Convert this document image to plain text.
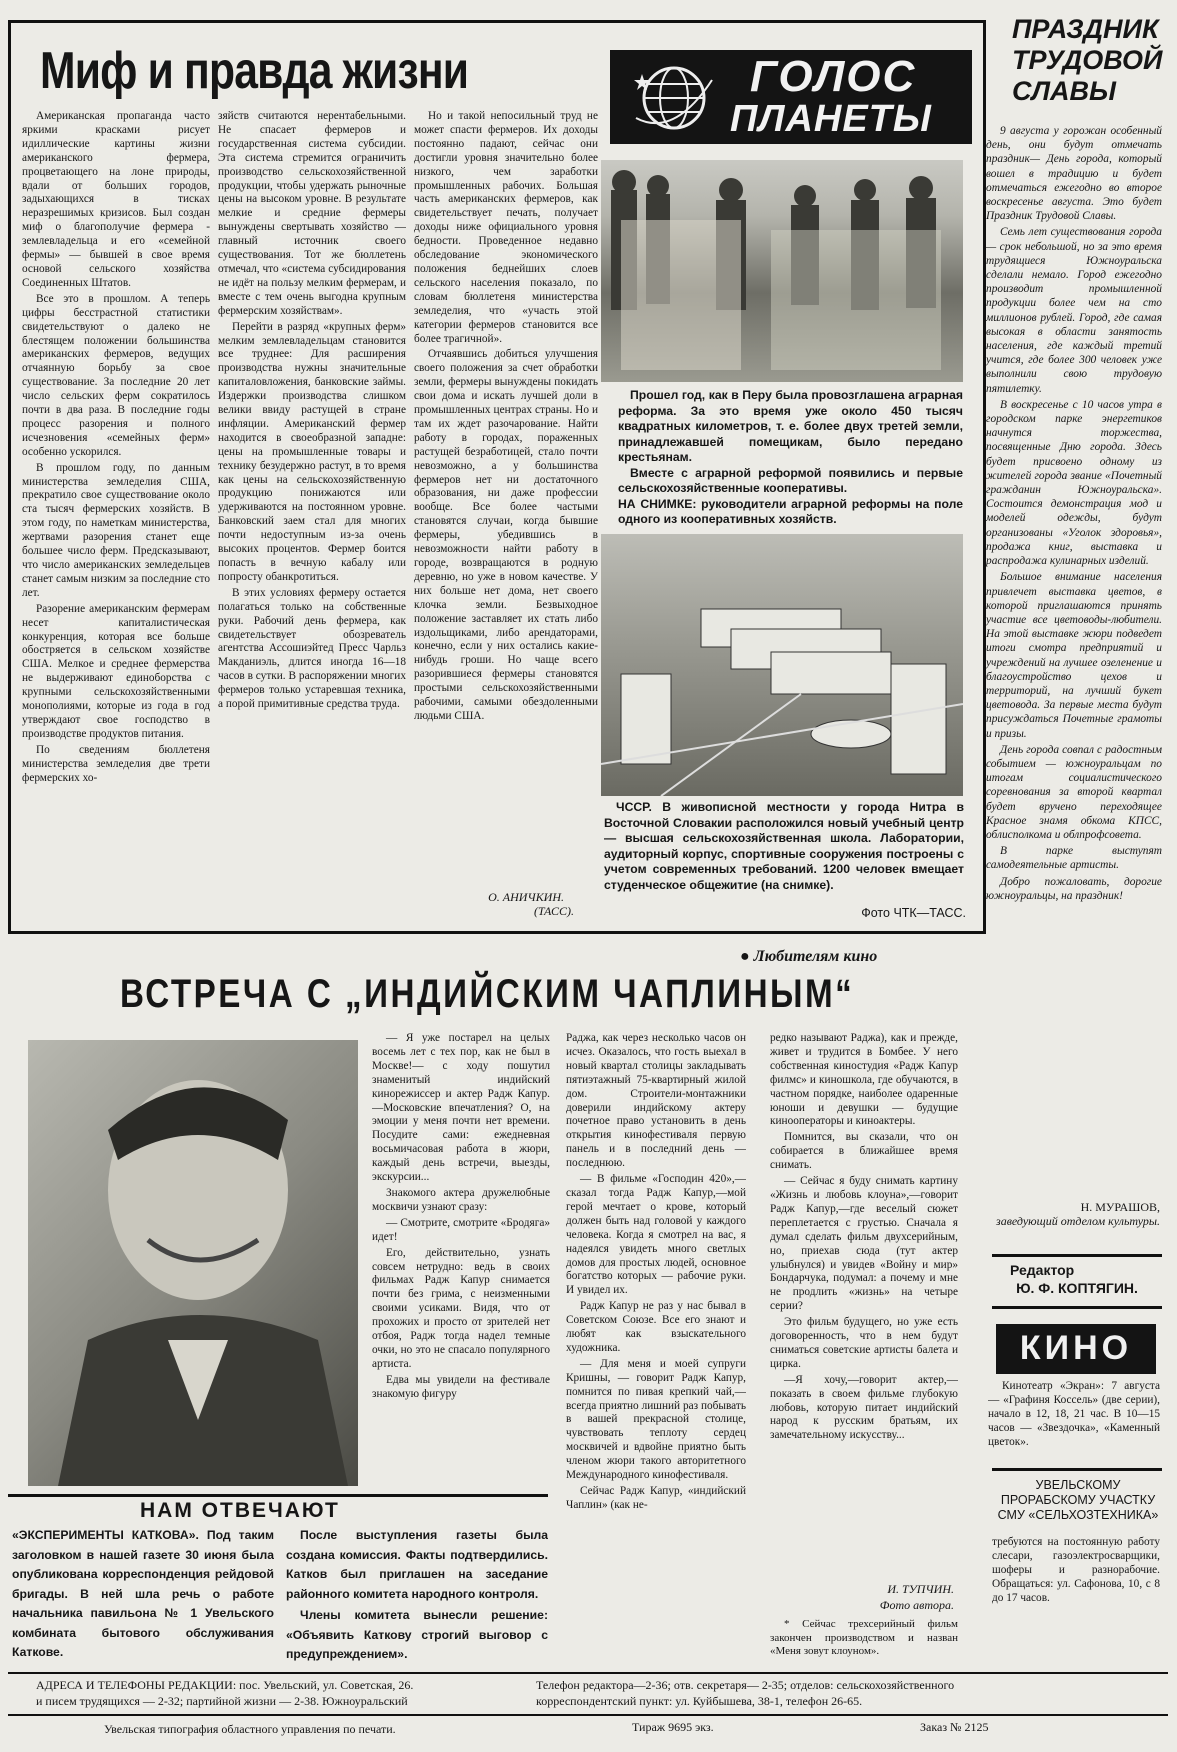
Миф и правда жизни

Американская пропаганда часто яркими красками рисует идиллические картины жизни американского фермера, процветающего на лоне природы, вдали от больших городов, задыхающихся в тисках неразрешимых кризисов. Был создан миф о благополучие фермера - землевладельца и его «семейной фермы» — бывшей в свое время основой сельского хозяйства Соединенных Штатов.

Все это в прошлом. А теперь цифры бесстрастной статистики свидетельствуют о далеко не блестящем положении большинства американских фермеров, ведущих отчаянную борьбу за свое существование. За последние 20 лет число сельских ферм сократилось почти в два раза. В последние годы процесс разорения и полного исчезновения «семейных ферм» особенно ускорился.

В прошлом году, по данным министерства земледелия США, прекратило свое существование около ста тысяч фермерских хозяйств. В этом году, по наметкам министерства, жертвами разорения станет еще большее число ферм. Предсказывают, что число американских земледельцев станет самым низким за последние сто лет.

Разорение американским фермерам несет капиталистическая конкуренция, которая все больше обостряется в сельском хозяйстве США. Мелкое и среднее фермерства не выдерживают единоборства с крупными сельскохозяйственными монополиями, которые из года в год утверждают свое господство в производстве продуктов питания.

По сведениям бюллетеня министерства земледелия две трети фермерских хо-

зяйств считаются нерентабельными. Не спасает фермеров и государственная система субсидии. Эта система стремится ограничить производство сельскохозяйственной продукции, чтобы удержать рыночные цены на высоком уровне. В результате мелкие и средние фермеры вынуждены свертывать хозяйство — главный источник своего существования. Тот же бюллетень отмечал, что «система субсидирования не идёт на пользу мелким фермерам, и вместе с тем очень выгодна крупным фермерским хозяйствам».

Перейти в разряд «крупных ферм» мелким землевладельцам становится все труднее: Для расширения производства нужны значительные капиталовложения, банковские займы. Издержки производства слишком велики ввиду растущей в стране инфляции. Американский фермер находится в своеобразной западне: цены на промышленные товары и технику безудержно растут, в то время как цены на сельскохозяйственную продукцию понижаются или удерживаются на постоянном уровне. Банковский заем стал для многих почти недоступным из-за очень высоких процентов. Фермер боится попасть в вечную кабалу или попросту обанкротиться.

В этих условиях фермеру остается полагаться только на собственные руки. Рабочий день фермера, как свидетельствует обозреватель агентства Ассошиэйтед Пресс Чарльз Макданиэль, длится иногда 16—18 часов в сутки. В распоряжении многих фермеров только устаревшая техника, а порой примитивные средства труда.

Но и такой непосильный труд не может спасти фермеров. Их доходы постоянно падают, сейчас они достигли уровня значительно более низкого, чем заработки промышленных рабочих. Большая часть американских фермеров, как свидетельствует печать, получает доходы ниже официального уровня бедности. Проведенное недавно обследование экономического положения беднейших слоев сельского населения показало, по словам бюллетеня министерства земледелия, что «участь этой категории фермеров становится все более трагичной».

Отчаявшись добиться улучшения своего положения за счет обработки земли, фермеры вынуждены покидать свои дома и искать лучшей доли в промышленных центрах страны. Но и там их ждет разочарование. Найти работу в городах, пораженных растущей безработицей, стало почти невозможно, а у большинства фермеров нет ни достаточного образования, ни даже профессии вообще. Все более частыми становятся случаи, когда бывшие фермеры, убедившись в невозможности найти работу в городе, возвращаются в родную деревню, но уже в новом качестве. У них больше нет дома, нет своего клочка земли. Безвыходное положение заставляет их стать либо издольщиками, либо арендаторами, конечно, если у них остались какие-нибудь гроши. Но чаще всего разорившиеся фермеры становятся простыми сельскохозяйственными рабочими, самыми обездоленными людьми США.

О. АНИЧКИН.
(ТАСС).
ГОЛОС
ПЛАНЕТЫ

Прошел год, как в Перу была провозглашена аграрная реформа. За это время уже около 450 тысяч квадратных километров, т. е. более двух третей земли, принадлежавшей помещикам, было передано крестьянам.

Вместе с аграрной реформой появились и первые сельскохозяйственные кооперативы.

НА СНИМКЕ: руководители аграрной реформы на поле одного из кооперативных хозяйств.

ЧССР. В живописной местности у города Нитра в Восточной Словакии расположился новый учебный центр — высшая сельскохозяйственная школа. Лаборатории, аудиторный корпус, спортивные сооружения построены с учетом современных требований. 1200 человек вмещает студенческое общежитие (на снимке).

Фото ЧТК—ТАСС.
ПРАЗДНИК
ТРУДОВОЙ
СЛАВЫ

9 августа у горожан особенный день, они будут отмечать праздник— День города, который вошел в традицию и будет отмечаться ежегодно во второе воскресенье августа. Это будет Праздник Трудовой Славы.

Семь лет существования города — срок небольшой, но за это время трудящиеся Южноуральска сделали немало. Город ежегодно производит промышленной продукции более чем на сто миллионов рублей. Город, где самая высокая в области занятость населения, где каждый третий учится, где более 300 человек уже выполнили свою трудовую пятилетку.

В воскресенье с 10 часов утра в городском парке энергетиков начнутся торжества, посвященные Дню города. Здесь будет присвоено одному из жителей города звание «Почетный гражданин Южноуральска». Состоится демонстрация мод и моделей одежды, будут организованы «Уголок здоровья», продажа книг, выставка и распродажа кулинарных изделий.

Большое внимание населения привлечет выставка цветов, в которой приглашаются принять участие все цветоводы-любители. На этой выставке жюри подведет итоги смотра предприятий и учреждений на лучшее озеленение и благоустройство цехов и территорий, на лучший букет цветовода. За первые места будут присуждаться Почетные грамоты и призы.

День города совпал с радостным событием — южноуральцам по итогам социалистического соревнования за второй квартал будет вручено переходящее Красное знамя обкома КПСС, облисполкома и облпрофсовета.

В парке выступят самодеятельные артисты.

Добро пожаловать, дорогие южноуральцы, на праздник!

Н. МУРАШОВ,
заведующий отделом культуры.
Редактор
Ю. Ф. КОПТЯГИН.
КИНО

Кинотеатр «Экран»: 7 августа — «Графиня Коссель» (две серии), начало в 12, 18, 21 час. В 10—15 часов — «Звездочка», «Каменный цветок».

УВЕЛЬСКОМУ ПРОРАБСКОМУ УЧАСТКУ СМУ «СЕЛЬХОЗТЕХНИКА»

требуются на постоянную работу слесари, газоэлектросварщики, шоферы и разнорабочие. Обращаться: ул. Сафонова, 10, с 8 до 17 часов.

● Любителям кино
ВСТРЕЧА С „ИНДИЙСКИМ ЧАПЛИНЫМ“

— Я уже постарел на целых восемь лет с тех пор, как не был в Москве!— с ходу пошутил знаменитый индийский кинорежиссер и актер Радж Капур.—Московские впечатления? О, на эмоции у меня почти нет времени. Посудите сами: ежедневная восьмичасовая работа в жюри, каждый день встречи, выезды, экскурсии...

Знакомого актера дружелюбные москвичи узнают сразу:

— Смотрите, смотрите «Бродяга» идет!

Его, действительно, узнать совсем нетрудно: ведь в своих фильмах Радж Капур снимается почти без грима, с неизменными своими усиками. Видя, что от прохожих и просто от зрителей нет отбоя, Радж тогда надел темные очки, но это не спасало популярного артиста.

Едва мы увидели на фестивале знакомую фигуру

Раджа, как через несколько часов он исчез. Оказалось, что гость выехал в новый квартал столицы закладывать пятиэтажный 75-квартирный жилой дом. Строители-монтажники доверили индийскому актеру почетное право установить в день открытия кинофестиваля первую панель и в последний день — последнюю.

— В фильме «Господин 420»,—сказал тогда Радж Капур,—мой герой мечтает о крове, который должен быть над головой у каждого человека. Когда я смотрел на вас, я надеялся увидеть много светлых домов для простых людей, основное богатство которых — рабочие руки. И увидел их.

Радж Капур не раз у нас бывал в Советском Союзе. Все его знают и любят как взыскательного художника.

— Для меня и моей супруги Кришны, — говорит Радж Капур, помнится по пивая крепкий чай,—всегда приятно лишний раз побывать в вашей прекрасной столице, чувствовать теплоту сердец москвичей и вдвойне приятно быть членом жюри такого авторитетного Международного кинофестиваля.

Сейчас Радж Капур, «индийский Чаплин» (как не-

редко называют Раджа), как и прежде, живет и трудится в Бомбее. У него собственная киностудия «Радж Капур филмс» и киношкола, где обучаются, в частном порядке, наиболее одаренные юноши и девушки — будущие кинооператоры и киноактеры.

Помнится, вы сказали, что он собирается в ближайшее время снимать.

— Сейчас я буду снимать картину «Жизнь и любовь клоуна»,—говорит Радж Капур,—где веселый сюжет переплетается с грустью. Сначала я думал сделать фильм двухсерийным, но, приехав сюда (тут актер улыбнулся) и увидев «Войну и мир» Бондарчука, подумал: а почему и мне не продлить «жизнь» на четыре серии?

Это фильм будущего, но уже есть договоренность, что в нем будут сниматься советские артисты балета и цирка.

—Я хочу,—говорит актер,— показать в своем фильме глубокую любовь, которую питает индийский народ к русским братьям, их замечательному искусству...

И. ТУПЧИН.
Фото автора.

* Сейчас трехсерийный фильм закончен производством и назван «Меня зовут клоуном».

НАМ ОТВЕЧАЮТ

«ЭКСПЕРИМЕНТЫ КАТКОВА». Под таким заголовком в нашей газете 30 июня была опубликована корреспонденция рейдовой бригады. В ней шла речь о работе начальника павильона № 1 Увельского комбината бытового обслуживания Каткове.

После выступления газеты была создана комиссия. Факты подтвердились. Катков был приглашен на заседание районного комитета народного контроля.

Члены комитета вынесли решение: «Объявить Каткову строгий выговор с предупреждением».

АДРЕСА И ТЕЛЕФОНЫ РЕДАКЦИИ: пос. Увельский, ул. Советская, 26.
и писем трудящихся — 2-32; партийной жизни — 2-38. Южноуральский
Телефон редактора—2-36; отв. секретаря— 2-35; отделов: сельскохозяйственного
корреспондентский пункт: ул. Куйбышева, 38-1, телефон 26-65.
Увельская типография областного управления по печати.	Тираж 9695 экз.	Заказ № 2125
